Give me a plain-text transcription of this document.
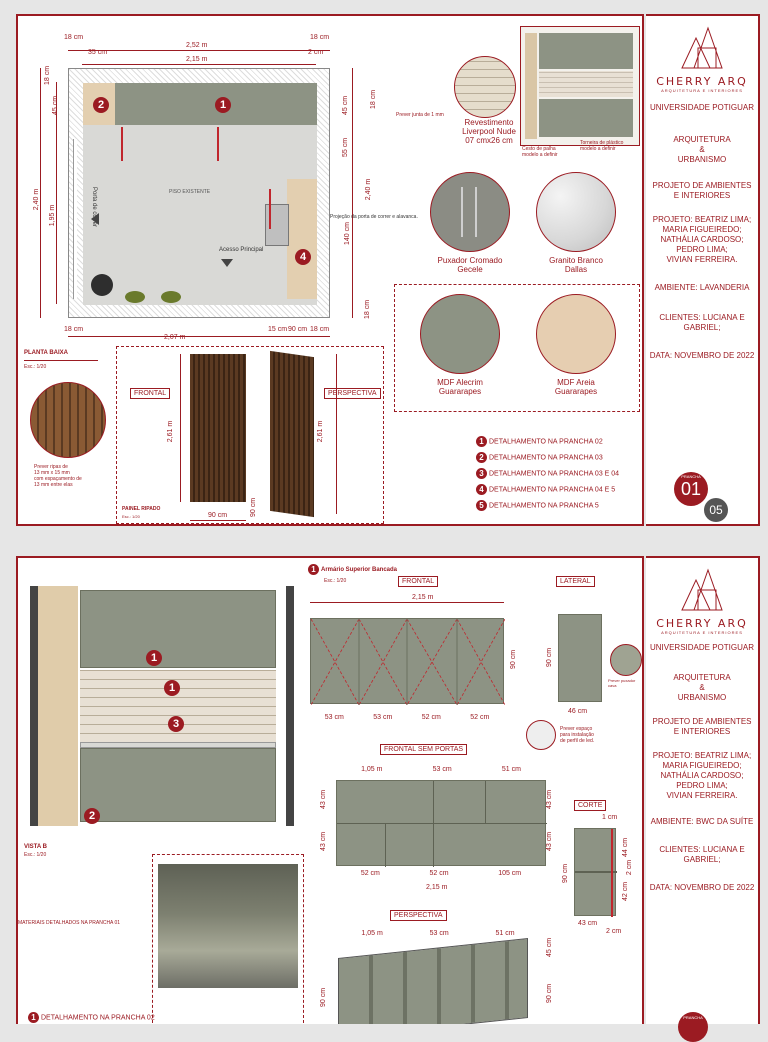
PISO EXISTENTE
Porta de correr
Acesso Principal
1
2
4
18 cm
2,52 m
18 cm
35 cm
2,15 m
2 cm
18 cm
45 cm
2,40 m
1,95 m
45 cm	18 cm
55 cm
2,40 m
140 cm
18 cm
18 cm
2,07 m
15 cm 90 cm 18 cm
Projeção da porta de correr e alavanca.
PLANTA BAIXA
Esc.: 1/20
Cesto de palha
modelo a definir
Torneira de plástico
modelo a definir
Prever junta de 1 mm
Revestimento
Liverpool Nude
07 cmx26 cm
Puxador Cromado
Gecele
Granito Branco
Dallas
MDF Alecrim
Guararapes
MDF Areia
Guararapes
FRONTAL
2,61 m
90 cm
PERSPECTIVA
2,61 m
90 cm
PAINEL RIPADO
Esc.: 1/20
Prever ripas de
13 mm x 15 mm
com espaçamento de
13 mm entre elas
1 DETALHAMENTO NA PRANCHA 02
2 DETALHAMENTO NA PRANCHA 03
3 DETALHAMENTO NA PRANCHA 03 E 04
4 DETALHAMENTO NA PRANCHA 04 E 5
5 DETALHAMENTO NA PRANCHA 5
CHERRY ARQ
ARQUITETURA E INTERIORES
UNIVERSIDADE POTIGUAR
ARQUITETURA
&
URBANISMO
PROJETO DE AMBIENTES
E INTERIORES
PROJETO: BEATRIZ LIMA;
MARIA FIGUEIREDO;
NATHÁLIA CARDOSO;
PEDRO LIMA;
VIVIAN FERREIRA.
AMBIENTE: LAVANDERIA
CLIENTES: LUCIANA E
GABRIEL;
DATA: NOVEMBRO DE 2022
PRANCHA
01
05
1
1
3
2
VISTA B
Esc.: 1/20
MATERIAIS DETALHADOS NA PRANCHA 01
1 DETALHAMENTO NA PRANCHA 02
1 Armário Superior Bancada
Esc.: 1/20	FRONTAL
2,15 m
90 cm
53 cm	53 cm	52 cm	52 cm
LATERAL
90 cm
46 cm
Prever puxador
cava
Prever espaço
para instalação
de perfil de led.
FRONTAL SEM PORTAS
1,05 m	53 cm	51 cm
43 cm
43 cm
43 cm
43 cm
52 cm	52 cm	105 cm
2,15 m
CORTE
1 cm
90 cm
44 cm
2 cm
42 cm
43 cm
2 cm
PERSPECTIVA
1,05 m	53 cm	51 cm
90 cm
45 cm
90 cm
CHERRY ARQ
ARQUITETURA E INTERIORES
UNIVERSIDADE POTIGUAR
ARQUITETURA
&
URBANISMO
PROJETO DE AMBIENTES
E INTERIORES
PROJETO: BEATRIZ LIMA;
MARIA FIGUEIREDO;
NATHÁLIA CARDOSO;
PEDRO LIMA;
VIVIAN FERREIRA.
AMBIENTE: BWC DA SUÍTE
CLIENTES: LUCIANA E
GABRIEL;
DATA: NOVEMBRO DE 2022
PRANCHA
